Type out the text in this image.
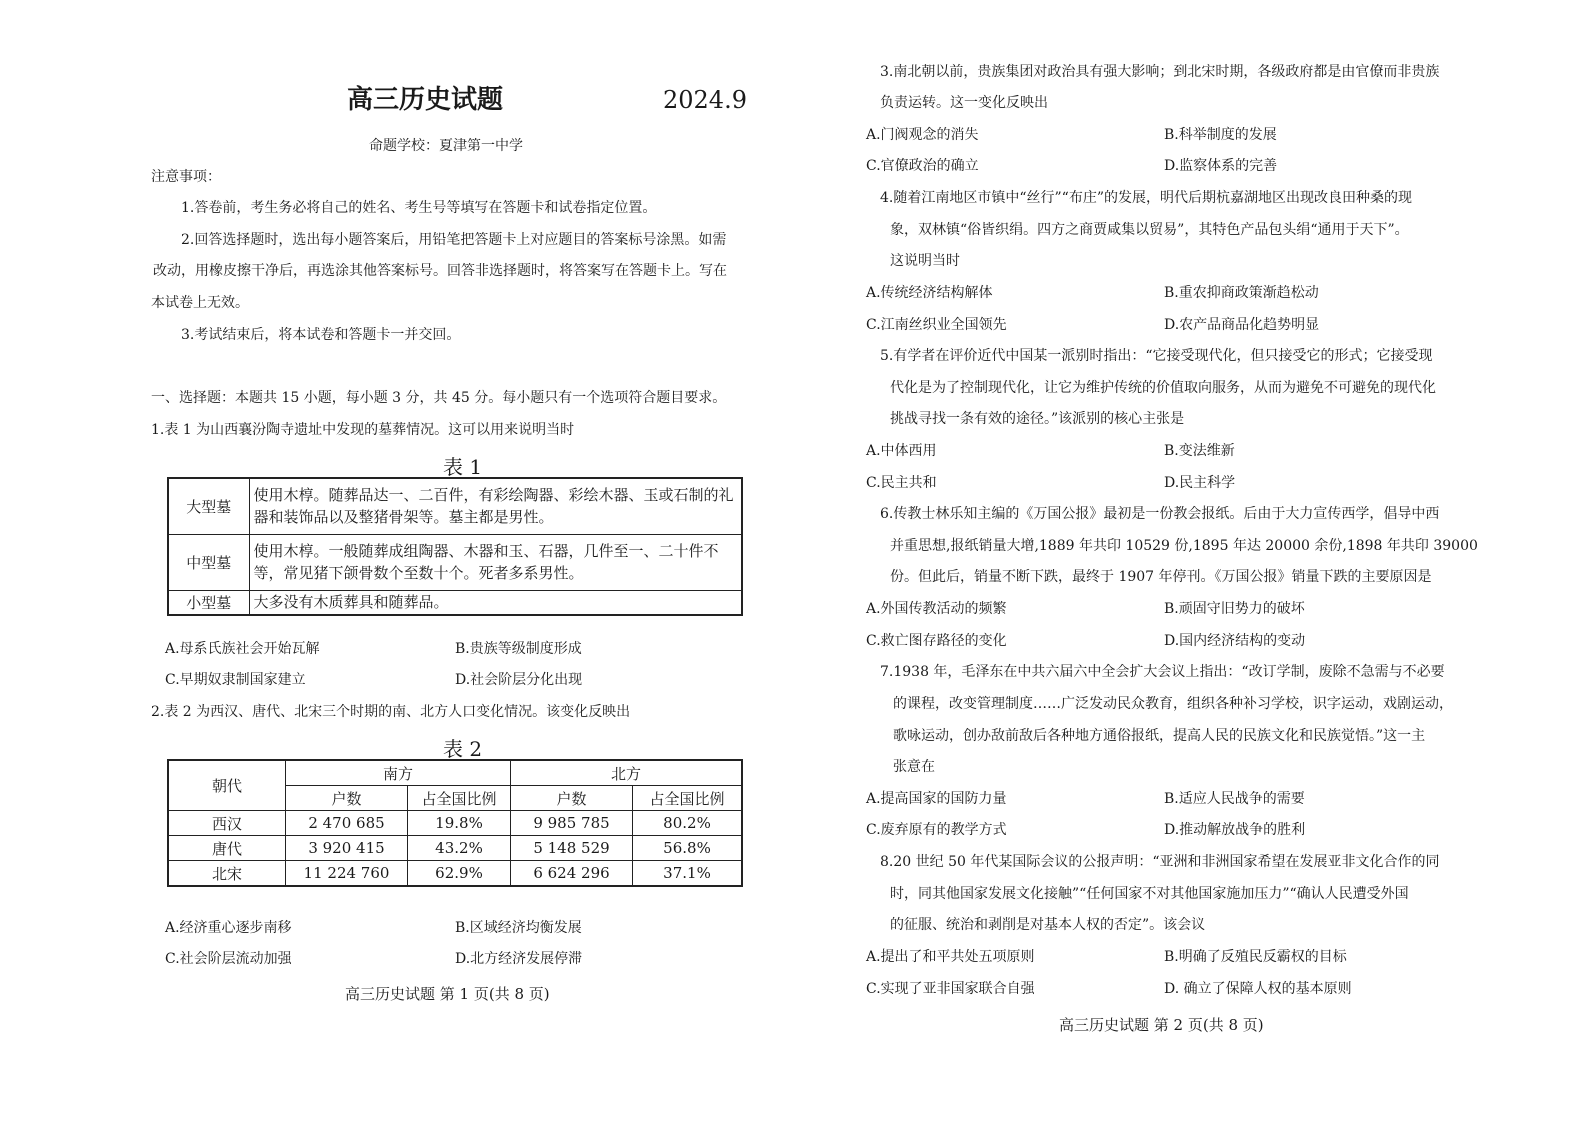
高三历史试题	2024.9
命题学校：夏津第一中学
注意事项：
1.答卷前，考生务必将自己的姓名、考生号等填写在答题卡和试卷指定位置。
2.回答选择题时，选出每小题答案后，用铅笔把答题卡上对应题目的答案标号涂黑。如需
改动，用橡皮擦干净后，再选涂其他答案标号。回答非选择题时，将答案写在答题卡上。写在
本试卷上无效。
3.考试结束后，将本试卷和答题卡一并交回。
一、选择题：本题共 15 小题，每小题 3 分，共 45 分。每小题只有一个选项符合题目要求。
1.表 1 为山西襄汾陶寺遗址中发现的墓葬情况。这可以用来说明当时
表 1
大型墓	使用木椁。随葬品达一、二百件，有彩绘陶器、彩绘木器、玉或石制的礼器和装饰品以及整猪骨架等。墓主都是男性。
中型墓	使用木椁。一般随葬成组陶器、木器和玉、石器，几件至一、二十件不等，常见猪下颌骨数个至数十个。死者多系男性。
小型墓	大多没有木质葬具和随葬品。
A.母系氏族社会开始瓦解	B.贵族等级制度形成
C.早期奴隶制国家建立	D.社会阶层分化出现
2.表 2 为西汉、唐代、北宋三个时期的南、北方人口变化情况。该变化反映出
表 2
朝代	南方		北方	
	户数	占全国比例	户数	占全国比例
西汉	2 470 685	19.8%	9 985 785	80.2%
唐代	3 920 415	43.2%	5 148 529	56.8%
北宋	11 224 760	62.9%	6 624 296	37.1%
A.经济重心逐步南移	B.区域经济均衡发展
C.社会阶层流动加强	D.北方经济发展停滞
高三历史试题 第 1 页(共 8 页)
3.南北朝以前，贵族集团对政治具有强大影响；到北宋时期，各级政府都是由官僚而非贵族
负责运转。这一变化反映出
A.门阀观念的消失	B.科举制度的发展
C.官僚政治的确立	D.监察体系的完善
4.随着江南地区市镇中“丝行”“布庄”的发展，明代后期杭嘉湖地区出现改良田种桑的现
象，双林镇“俗皆织绢。四方之商贾咸集以贸易”，其特色产品包头绢“通用于天下”。
这说明当时
A.传统经济结构解体	B.重农抑商政策渐趋松动
C.江南丝织业全国领先	D.农产品商品化趋势明显
5.有学者在评价近代中国某一派别时指出：“它接受现代化，但只接受它的形式；它接受现
代化是为了控制现代化，让它为维护传统的价值取向服务，从而为避免不可避免的现代化
挑战寻找一条有效的途径。”该派别的核心主张是
A.中体西用	B.变法维新
C.民主共和	D.民主科学
6.传教士林乐知主编的《万国公报》最初是一份教会报纸。后由于大力宣传西学，倡导中西
并重思想,报纸销量大增,1889 年共印 10529 份,1895 年达 20000 余份,1898 年共印 39000
份。但此后，销量不断下跌，最终于 1907 年停刊。《万国公报》销量下跌的主要原因是
A.外国传教活动的频繁	B.顽固守旧势力的破坏
C.救亡图存路径的变化	D.国内经济结构的变动
7.1938 年，毛泽东在中共六届六中全会扩大会议上指出：“改订学制，废除不急需与不必要
的课程，改变管理制度……广泛发动民众教育，组织各种补习学校，识字运动，戏剧运动，
歌咏运动，创办敌前敌后各种地方通俗报纸，提高人民的民族文化和民族觉悟。”这一主
张意在
A.提高国家的国防力量	B.适应人民战争的需要
C.废弃原有的教学方式	D.推动解放战争的胜利
8.20 世纪 50 年代某国际会议的公报声明：“亚洲和非洲国家希望在发展亚非文化合作的同
时，同其他国家发展文化接触”“任何国家不对其他国家施加压力”“确认人民遭受外国
的征服、统治和剥削是对基本人权的否定”。该会议
A.提出了和平共处五项原则	B.明确了反殖民反霸权的目标
C.实现了亚非国家联合自强	D. 确立了保障人权的基本原则
高三历史试题 第 2 页(共 8 页)
